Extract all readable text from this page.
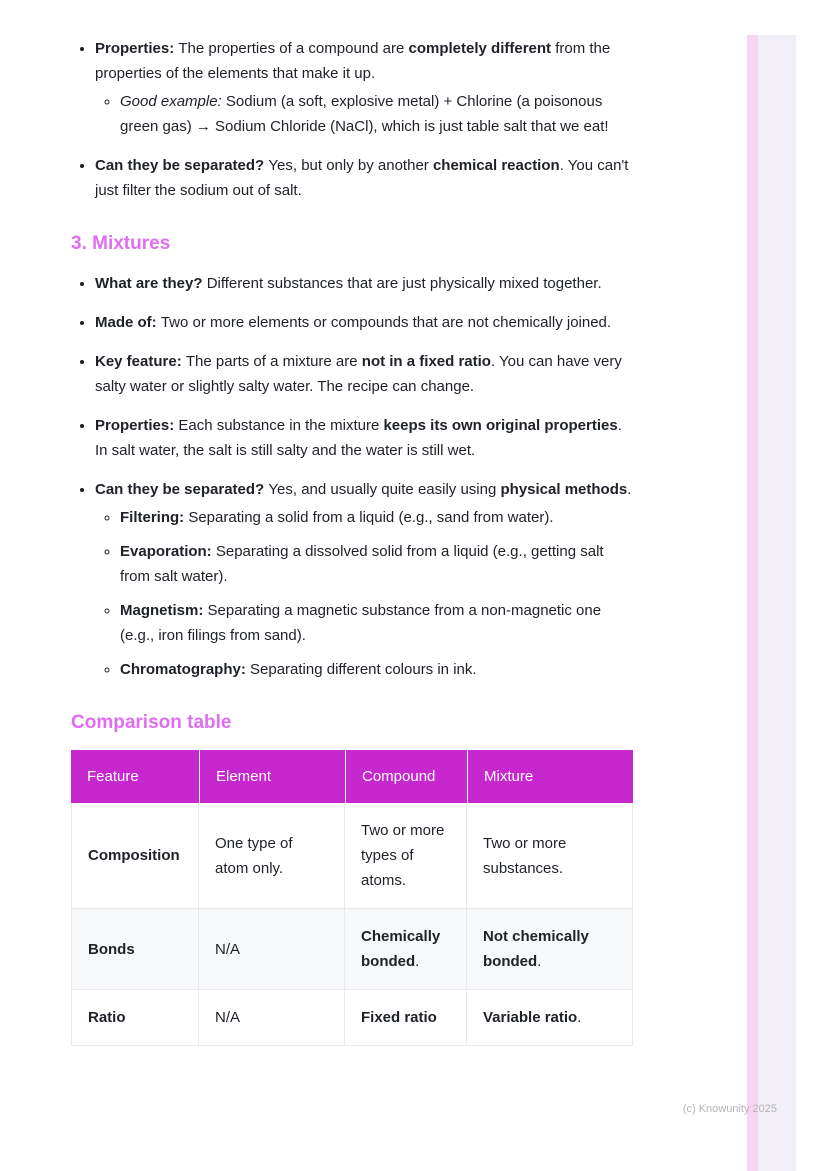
(c) Knowunity 2025
• Properties: The properties of a compound are completely different from the properties of the elements that make it up.
◦ Good example: Sodium (a soft, explosive metal) + Chlorine (a poisonous green gas) → Sodium Chloride (NaCl), which is just table salt that we eat!
• Can they be separated? Yes, but only by another chemical reaction. You can't just filter the sodium out of salt.
3. Mixtures
• What are they? Different substances that are just physically mixed together.
• Made of: Two or more elements or compounds that are not chemically joined.
• Key feature: The parts of a mixture are not in a fixed ratio. You can have very salty water or slightly salty water. The recipe can change.
• Properties: Each substance in the mixture keeps its own original properties. In salt water, the salt is still salty and the water is still wet.
• Can they be separated? Yes, and usually quite easily using physical methods.
◦ Filtering: Separating a solid from a liquid (e.g., sand from water).
◦ Evaporation: Separating a dissolved solid from a liquid (e.g., getting salt from salt water).
◦ Magnetism: Separating a magnetic substance from a non-magnetic one (e.g., iron filings from sand).
◦ Chromatography: Separating different colours in ink.
Comparison table
Feature	Element	Compound	Mixture
Composition	One type of atom only.	Two or more types of atoms.	Two or more substances.
Bonds	N/A	Chemically bonded.	Not chemically bonded.
Ratio	N/A	Fixed ratio	Variable ratio.
